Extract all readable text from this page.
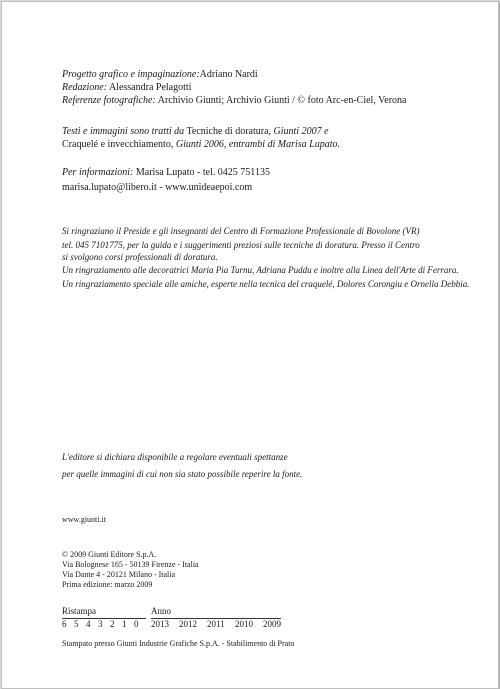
Progetto grafico e impaginazione:Adriano Nardi
Redazione: Alessandra Pelagotti
Referenze fotografiche: Archivio Giunti; Archivio Giunti / © foto Arc-en-Ciel, Verona
Testi e immagini sono tratti da Tecniche di doratura, Giunti 2007 e
Craquelé e invecchiamento, Giunti 2006, entrambi di Marisa Lupato.
Per informazioni: Marisa Lupato - tel. 0425 751135
marisa.lupato@libero.it - www.unideaepoi.com
Si ringraziano il Preside e gli insegnanti del Centro di Formazione Professionale di Bovolone (VR)
tel. 045 7101775, per la guida e i suggerimenti preziosi sulle tecniche di doratura. Presso il Centro
si svolgono corsi professionali di doratura.
Un ringraziamento alle decoratrici Maria Pia Turnu, Adriana Puddu e inoltre alla Linea dell'Arte di Ferrara.
Un ringraziamento speciale alle amiche, esperte nella tecnica del craquelé, Dolores Corongiu e Ornella Debbia.
L'editore si dichiara disponibile a regolare eventuali spettanze
per quelle immagini di cui non sia stato possibile reperire la fonte.
www.giunti.it
© 2009 Giunti Editore S.p.A.
Via Bolognese 165 - 50139 Firenze - Italia
Via Dante 4 - 20121 Milano - Italia
Prima edizione: marzo 2009
Ristampa							Anno				

6	5	4	3	2	1	0	2013	2012	2011	2010	2009
Stampato presso Giunti Industrie Grafiche S.p.A. - Stabilimento di Prato
